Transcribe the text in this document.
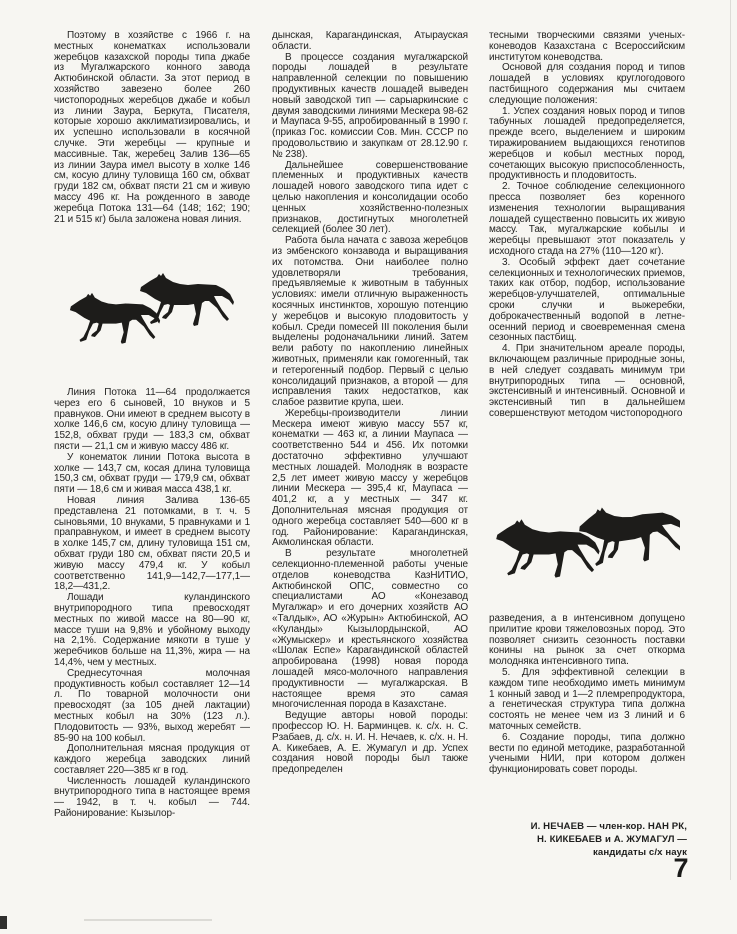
Поэтому в хозяйстве с 1966 г. на местных конематках использовали жеребцов казахской породы типа джабе из Мугалжарского конного завода Актюбинской области. За этот период в хозяйство завезено более 260 чистопородных жеребцов джабе и кобыл из линии Заура, Беркута, Писателя, которые хорошо акклиматизировались, и их успешно использовали в косячной случке. Эти жеребцы — крупные и массивные. Так, жеребец Залив 136—65 из линии Заура имел высоту в холке 146 см, косую длину туловища 160 см, обхват груди 182 см, обхват пясти 21 см и живую массу 496 кг. На рожденного в заводе жеребца Потока 131—64 (148; 162; 190; 21 и 515 кг) была заложена новая линия.

Линия Потока 11—64 продолжается через его 6 сыновей, 10 внуков и 5 правнуков. Они имеют в среднем высоту в холке 146,6 см, косую длину туловища — 152,8, обхват груди — 183,3 см, обхват пясти — 21,1 см и живую массу 486 кг.

У конематок линии Потока высота в холке — 143,7 см, косая длина туловища 150,3 см, обхват груди — 179,9 см, обхват пяти — 18,6 см и живая масса 438,1 кг.

Новая линия Залива 136-65 представлена 21 потомками, в т. ч. 5 сыновьями, 10 внуками, 5 правнуками и 1 праправнуком, и имеет в среднем высоту в холке 145,7 см, длину туловища 151 см, обхват груди 180 см, обхват пясти 20,5 и живую массу 479,4 кг. У кобыл соответственно 141,9—142,7—177,1—18,2—431,2.

Лошади куландинского внутрипородного типа превосходят местных по живой массе на 80—90 кг, массе туши на 9,8% и убойному выходу на 2,1%. Содержание мякоти в туше у жеребчиков больше на 11,3%, жира — на 14,4%, чем у местных.

Среднесуточная молочная продуктивность кобыл составляет 12—14 л. По товарной молочности они превосходят (за 105 дней лактации) местных кобыл на 30% (123 л.). Плодовитость — 93%, выход жеребят — 85-90 на 100 кобыл.

Дополнительная мясная продукция от каждого жеребца заводских линий составляет 220—385 кг в год.

Численность лошадей куландинского внутрипородного типа в настоящее время — 1942, в т. ч. кобыл — 744. Районирование: Кызылор-

дынская, Карагандинская, Атырауская области.

В процессе создания мугалжарской породы лошадей в результате направленной селекции по повышению продуктивных качеств лошадей выведен новый заводской тип — сарыаркинские с двумя заводскими линиями Мескера 98-62 и Маупаса 9-55, апробированный в 1990 г. (приказ Гос. комиссии Сов. Мин. СССР по продовольствию и закупкам от 28.12.90 г. № 238).

Дальнейшее совершенствование племенных и продуктивных качеств лошадей нового заводского типа идет с целью накопления и консолидации особо ценных хозяйственно-полезных признаков, достигнутых многолетней селекцией (более 30 лет).

Работа была начата с завоза жеребцов из эмбенского конзавода и выращивания их потомства. Они наиболее полно удовлетворяли требования, предъявляемые к животным в табунных условиях: имели отличную выраженность косячных инстинктов, хорошую потенцию у жеребцов и высокую плодовитость у кобыл. Среди помесей III поколения были выделены родоначальники линий. Затем вели работу по накоплению линейных животных, применяли как гомогенный, так и гетерогенный подбор. Первый с целью консолидаций признаков, а второй — для исправления таких недостатков, как слабое развитие крупа, шеи.

Жеребцы-производители линии Мескера имеют живую массу 557 кг, конематки — 463 кг, а линии Маупаса — соответственно 544 и 456. Их потомки достаточно эффективно улучшают местных лошадей. Молодняк в возрасте 2,5 лет имеет живую массу у жеребцов линии Мескера — 395,4 кг, Маупаса — 401,2 кг, а у местных — 347 кг. Дополнительная мясная продукция от одного жеребца составляет 540—600 кг в год. Районирование: Карагандинская, Акмолинская области.

В результате многолетней селекционно-племенной работы ученые отделов коневодства КазНИТИО, Актюбинской ОПС, совместно со специалистами АО «Конезавод Мугалжар» и его дочерних хозяйств АО «Талдык», АО «Журын» Актюбинской, АО «Куланды» Кызылордынской, АО «Жумыскер» и крестьянского хозяйства «Шолак Еспе» Карагандинской областей апробирована (1998) новая порода лошадей мясо-молочного направления продуктивности — мугалжарская. В настоящее время это самая многочисленная порода в Казахстане.

Ведущие авторы новой породы: профессор Ю. Н. Барминцев. к. с/х. н. С. Рзабаев, д. с/х. н. И. Н. Нечаев, к. с/х. н. Н. А. Кикебаев, А. Е. Жумагул и др. Успех создания новой породы был также предопределен

тесными творческими связями ученых-коневодов Казахстана с Всероссийским институтом коневодства.

Основой для создания пород и типов лошадей в условиях круглогодового пастбищного содержания мы считаем следующие положения:

1. Успех создания новых пород и типов табунных лошадей предопределяется, прежде всего, выделением и широким тиражированием выдающихся генотипов жеребцов и кобыл местных пород, сочетающих высокую приспособленность, продуктивность и плодовитость.

2. Точное соблюдение селекционного пресса позволяет без коренного изменения технологии выращивания лошадей существенно повысить их живую массу. Так, мугалжарские кобылы и жеребцы превышают этот показатель у исходного стада на 27% (110—120 кг).

3. Особый эффект дает сочетание селекционных и технологических приемов, таких как отбор, подбор, использование жеребцов-улучшателей, оптимальные сроки случки и выжеребки, доброкачественный водопой в летне-осенний период и своевременная смена сезонных пастбищ.

4. При значительном ареале породы, включающем различные природные зоны, в ней следует создавать минимум три внутрипородных типа — основной, экстенсивный и интенсивный. Основной и экстенсивный тип в дальнейшем совершенствуют методом чистопородного

разведения, а в интенсивном допущено прилитие крови тяжеловозных пород. Это позволяет снизить сезонность поставки конины на рынок за счет откорма молодняка интенсивного типа.

5. Для эффективной селекции в каждом типе необходимо иметь минимум 1 конный завод и 1—2 племрепродуктора, а генетическая структура типа должна состоять не менее чем из 3 линий и 6 маточных семейств.

6. Создание породы, типа должно вести по единой методике, разработанной учеными НИИ, при котором должен функционировать совет породы.

И. НЕЧАЕВ — член-кор. НАН РК,
Н. КИКЕБАЕВ и А. ЖУМАГУЛ —
кандидаты с/х наук
7
